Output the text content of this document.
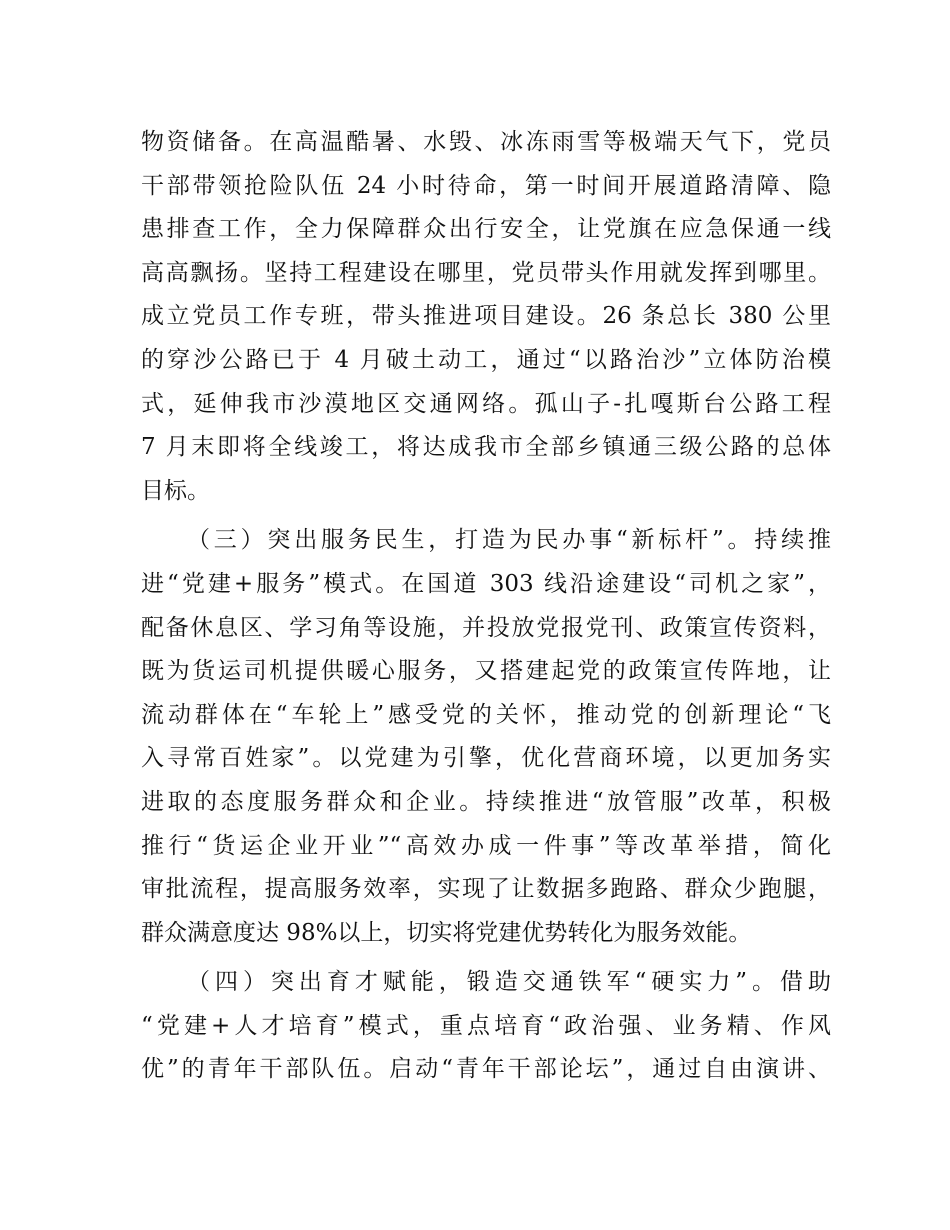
物资储备。在高温酷暑、水毁、冰冻雨雪等极端天气下，党员
干部带领抢险队伍 24 小时待命，第一时间开展道路清障、隐
患排查工作，全力保障群众出行安全，让党旗在应急保通一线
高高飘扬。坚持工程建设在哪里，党员带头作用就发挥到哪里。
成立党员工作专班，带头推进项目建设。26 条总长 380 公里
的穿沙公路已于 4 月破土动工，通过“以路治沙”立体防治模
式，延伸我市沙漠地区交通网络。孤山子-扎嘎斯台公路工程
7 月末即将全线竣工，将达成我市全部乡镇通三级公路的总体
目标。
（三）突出服务民生，打造为民办事“新标杆”。持续推
进“党建+服务”模式。在国道 303 线沿途建设“司机之家”，
配备休息区、学习角等设施，并投放党报党刊、政策宣传资料，
既为货运司机提供暖心服务，又搭建起党的政策宣传阵地，让
流动群体在“车轮上”感受党的关怀，推动党的创新理论“飞
入寻常百姓家”。以党建为引擎，优化营商环境，以更加务实
进取的态度服务群众和企业。持续推进“放管服”改革，积极
推行“货运企业开业”“高效办成一件事”等改革举措，简化
审批流程，提高服务效率，实现了让数据多跑路、群众少跑腿，
群众满意度达 98%以上，切实将党建优势转化为服务效能。
（四）突出育才赋能，锻造交通铁军“硬实力”。借助
“党建+人才培育”模式，重点培育“政治强、业务精、作风
优”的青年干部队伍。启动“青年干部论坛”，通过自由演讲、
